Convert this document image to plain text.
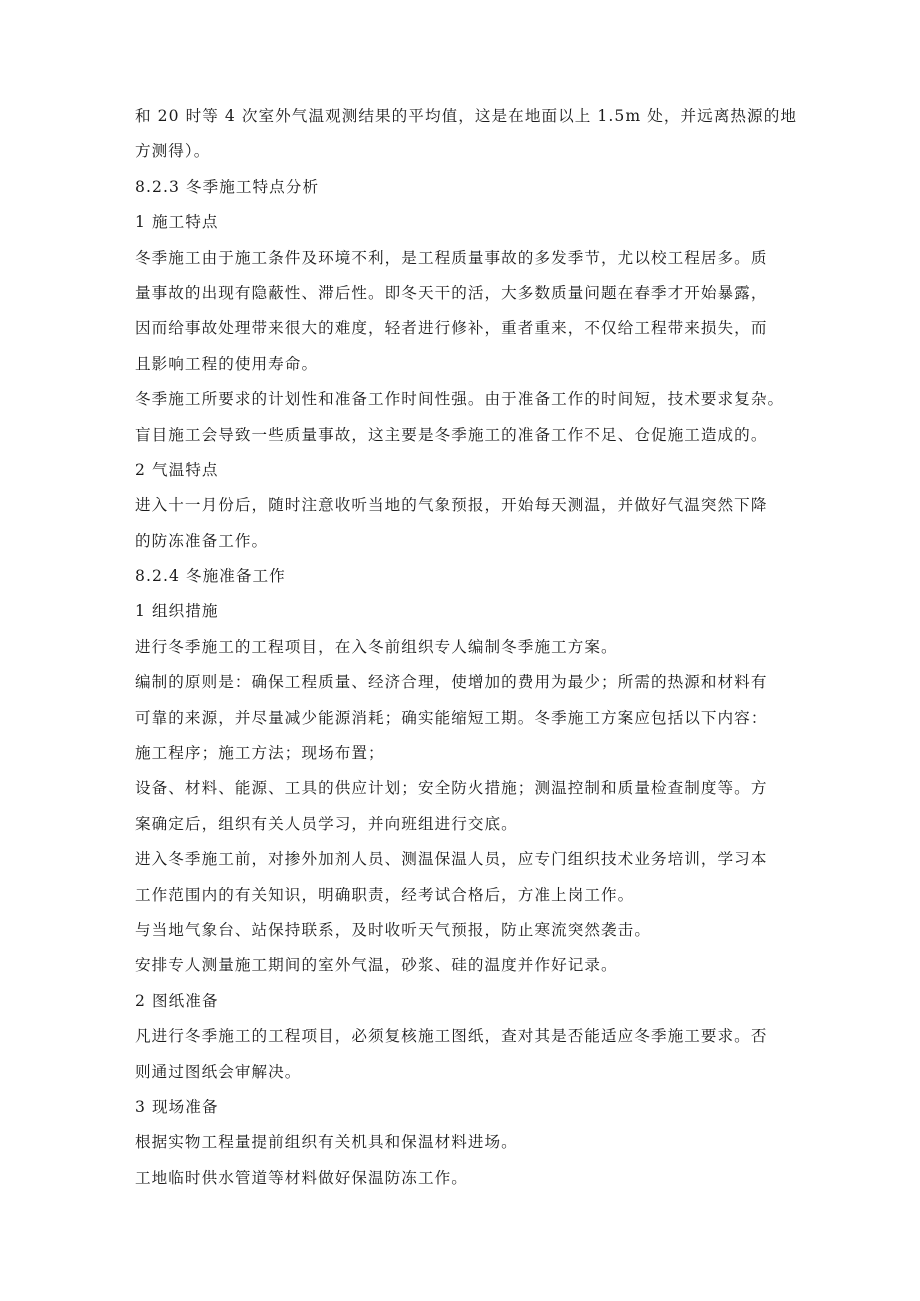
和 20 时等 4 次室外气温观测结果的平均值，这是在地面以上 1.5m 处，并远离热源的地
方测得）。
8.2.3 冬季施工特点分析
1 施工特点
冬季施工由于施工条件及环境不利，是工程质量事故的多发季节，尤以校工程居多。质
量事故的出现有隐蔽性、滞后性。即冬天干的活，大多数质量问题在春季才开始暴露，
因而给事故处理带来很大的难度，轻者进行修补，重者重来，不仅给工程带来损失，而
且影响工程的使用寿命。
冬季施工所要求的计划性和准备工作时间性强。由于准备工作的时间短，技术要求复杂。
盲目施工会导致一些质量事故，这主要是冬季施工的准备工作不足、仓促施工造成的。
2 气温特点
进入十一月份后，随时注意收听当地的气象预报，开始每天测温，并做好气温突然下降
的防冻准备工作。
8.2.4 冬施准备工作
1 组织措施
进行冬季施工的工程项目，在入冬前组织专人编制冬季施工方案。
编制的原则是：确保工程质量、经济合理，使增加的费用为最少；所需的热源和材料有
可靠的来源，并尽量减少能源消耗；确实能缩短工期。冬季施工方案应包括以下内容：
施工程序；施工方法；现场布置；
设备、材料、能源、工具的供应计划；安全防火措施；测温控制和质量检查制度等。方
案确定后，组织有关人员学习，并向班组进行交底。
进入冬季施工前，对掺外加剂人员、测温保温人员，应专门组织技术业务培训，学习本
工作范围内的有关知识，明确职责，经考试合格后，方准上岗工作。
与当地气象台、站保持联系，及时收听天气预报，防止寒流突然袭击。
安排专人测量施工期间的室外气温，砂浆、硅的温度并作好记录。
2 图纸准备
凡进行冬季施工的工程项目，必须复核施工图纸，查对其是否能适应冬季施工要求。否
则通过图纸会审解决。
3 现场准备
根据实物工程量提前组织有关机具和保温材料进场。
工地临时供水管道等材料做好保温防冻工作。
